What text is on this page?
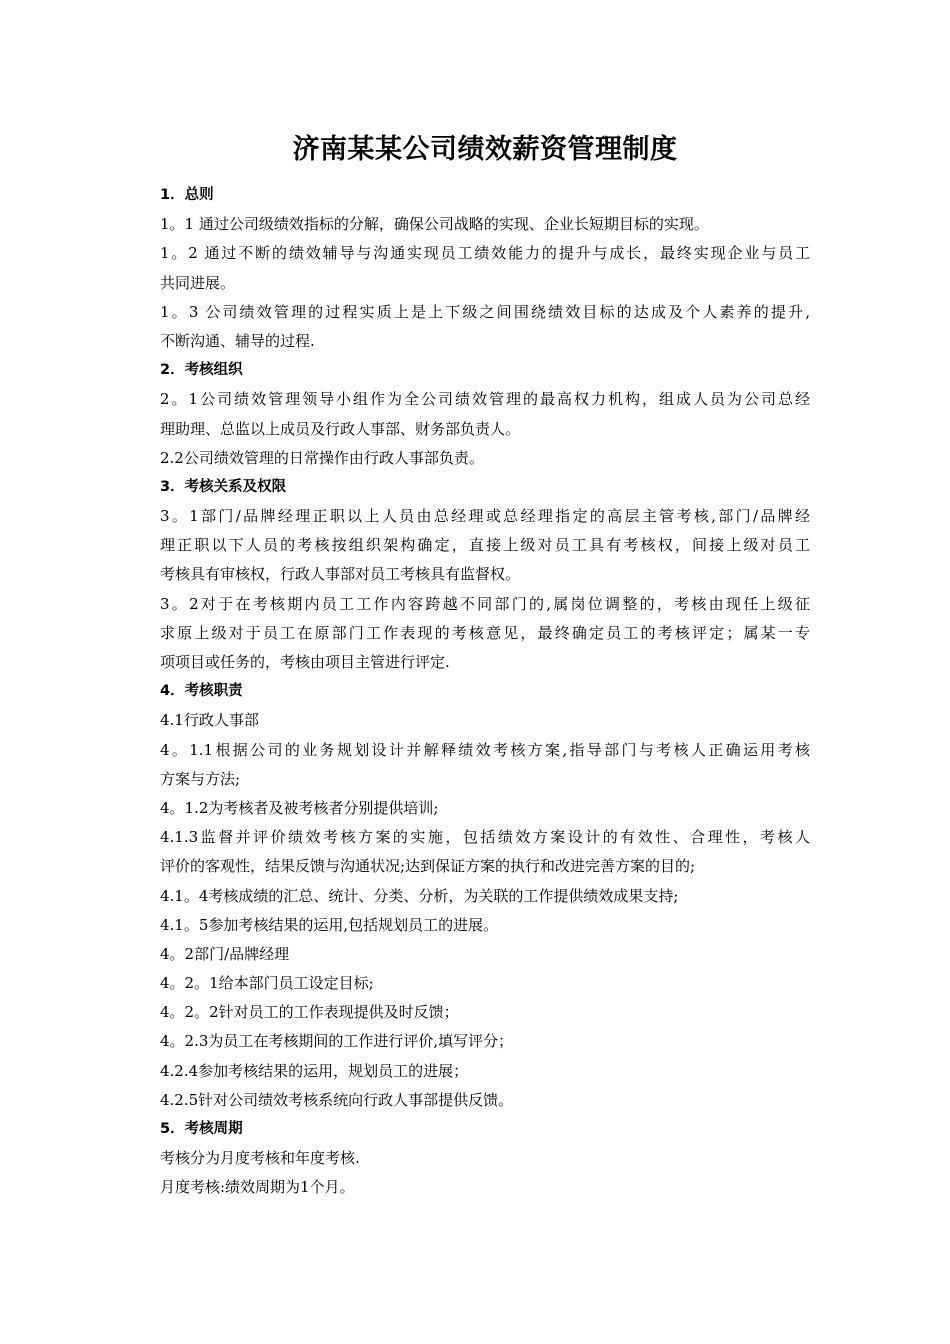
济南某某公司绩效薪资管理制度
1．总则
1。1 通过公司级绩效指标的分解，确保公司战略的实现、企业长短期目标的实现。
1。2 通过不断的绩效辅导与沟通实现员工绩效能力的提升与成长，最终实现企业与员工
共同进展。
1。3 公司绩效管理的过程实质上是上下级之间围绕绩效目标的达成及个人素养的提升,
不断沟通、辅导的过程.
2．考核组织
2。1公司绩效管理领导小组作为全公司绩效管理的最高权力机构，组成人员为公司总经
理助理、总监以上成员及行政人事部、财务部负责人。
2.2公司绩效管理的日常操作由行政人事部负责。
3．考核关系及权限
3。1部门/品牌经理正职以上人员由总经理或总经理指定的高层主管考核,部门/品牌经
理正职以下人员的考核按组织架构确定，直接上级对员工具有考核权，间接上级对员工
考核具有审核权，行政人事部对员工考核具有监督权。
3。2对于在考核期内员工工作内容跨越不同部门的,属岗位调整的，考核由现任上级征
求原上级对于员工在原部门工作表现的考核意见，最终确定员工的考核评定；属某一专
项项目或任务的，考核由项目主管进行评定.
4．考核职责
4.1行政人事部
4。1.1根据公司的业务规划设计并解释绩效考核方案,指导部门与考核人正确运用考核
方案与方法;
4。1.2为考核者及被考核者分别提供培训;
4.1.3监督并评价绩效考核方案的实施，包括绩效方案设计的有效性、合理性，考核人
评价的客观性，结果反馈与沟通状况;达到保证方案的执行和改进完善方案的目的;
4.1。4考核成绩的汇总、统计、分类、分析，为关联的工作提供绩效成果支持;
4.1。5参加考核结果的运用,包括规划员工的进展。
4。2部门/品牌经理
4。2。1给本部门员工设定目标;
4。2。2针对员工的工作表现提供及时反馈；
4。2.3为员工在考核期间的工作进行评价,填写评分；
4.2.4参加考核结果的运用，规划员工的进展；
4.2.5针对公司绩效考核系统向行政人事部提供反馈。
5．考核周期
考核分为月度考核和年度考核.
月度考核:绩效周期为1个月。
